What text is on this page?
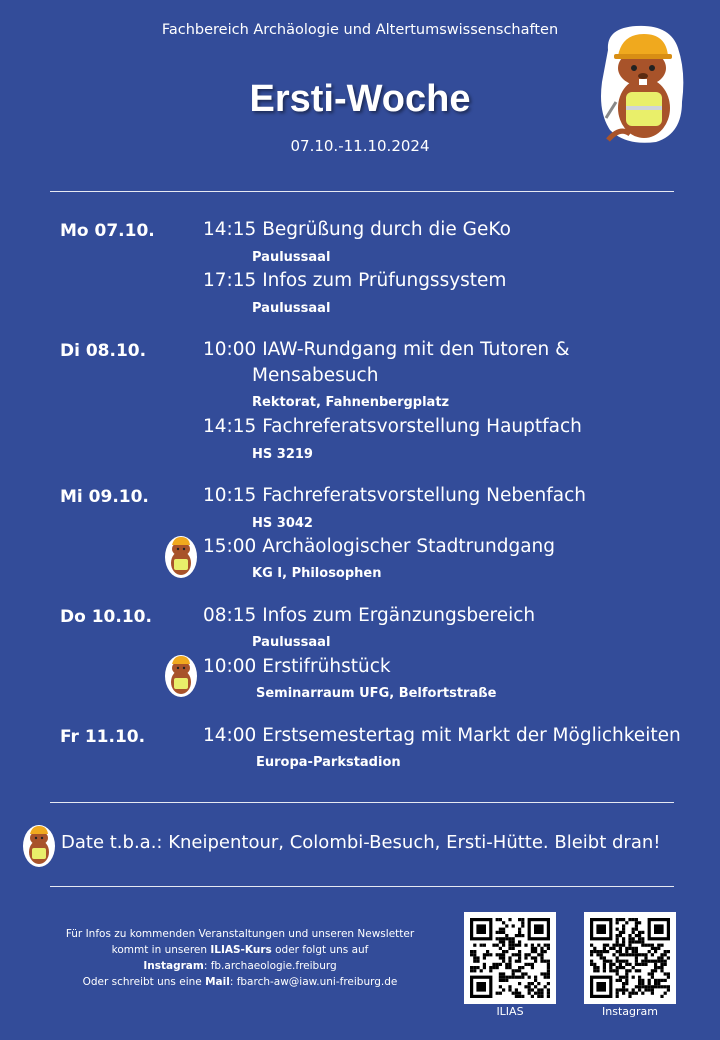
Fachbereich Archäologie und Altertumswissenschaften
Ersti-Woche
07.10.-11.10.2024
Mo 07.10.	14:15 Begrüßung durch die GeKo
Paulussaal
17:15 Infos zum Prüfungssystem
Paulussaal
Di 08.10.	10:00 IAW-Rundgang mit den Tutoren &
Mensabesuch
Rektorat, Fahnenbergplatz
14:15 Fachreferatsvorstellung Hauptfach
HS 3219
Mi 09.10.	10:15 Fachreferatsvorstellung Nebenfach
HS 3042
15:00 Archäologischer Stadtrundgang
KG I, Philosophen
Do 10.10.	08:15 Infos zum Ergänzungsbereich
Paulussaal
10:00 Erstifrühstück
Seminarraum UFG, Belfortstraße
Fr 11.10.	14:00 Erstsemestertag mit Markt der Möglichkeiten
Europa-Parkstadion
Date t.b.a.: Kneipentour, Colombi-Besuch, Ersti-Hütte. Bleibt dran!
Für Infos zu kommenden Veranstaltungen und unseren Newsletter
kommt in unseren ILIAS-Kurs oder folgt uns auf
Instagram: fb.archaeologie.freiburg
Oder schreibt uns eine Mail: fbarch-aw@iaw.uni-freiburg.de
ILIAS	Instagram
